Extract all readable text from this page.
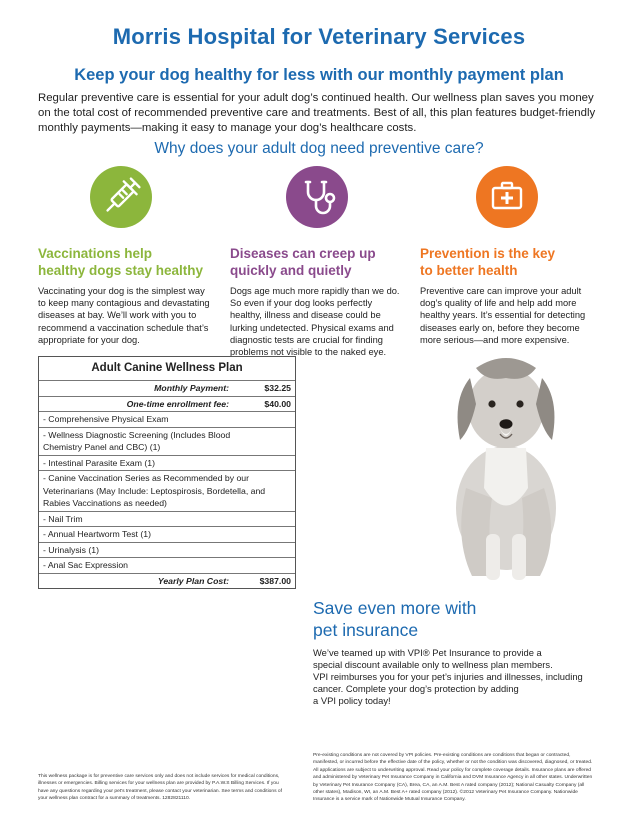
Morris Hospital for Veterinary Services
Keep your dog healthy for less with our monthly payment plan
Regular preventive care is essential for your adult dog’s continued health. Our wellness plan saves you money on the total cost of recommended preventive care and treatments. Best of all, this plan features budget-friendly monthly payments—making it easy to manage your dog’s healthcare costs.
Why does your adult dog need preventive care?
Vaccinations help
healthy dogs stay healthy
Diseases can creep up
quickly and quietly
Prevention is the key
to better health
Vaccinating your dog is the simplest way
to keep many contagious and devastating
diseases at bay. We’ll work with you to
recommend a vaccination schedule that’s
appropriate for your dog.
Dogs age much more rapidly than we do.
So even if your dog looks perfectly
healthy, illness and disease could be
lurking undetected. Physical exams and
diagnostic tests are crucial for finding
problems not visible to the naked eye.
Preventive care can improve your adult
dog’s quality of life and help add more
healthy years. It’s essential for detecting
diseases early on, before they become
more serious—and more expensive.
Adult Canine Wellness Plan
Monthly Payment:	$32.25
One-time enrollment fee:	$40.00
- Comprehensive Physical Exam
- Wellness Diagnostic Screening (Includes Blood
Chemistry Panel and CBC) (1)
- Intestinal Parasite Exam (1)
- Canine Vaccination Series as Recommended by our
Veterinarians (May Include: Leptospirosis, Bordetella, and
Rabies Vaccinations as needed)
- Nail Trim
- Annual Heartworm Test (1)
- Urinalysis (1)
- Anal Sac Expression
Yearly Plan Cost:	$387.00
Save even more with
pet insurance
We’ve teamed up with VPI® Pet Insurance to provide a
special discount available only to wellness plan members.
VPI reimburses you for your pet’s injuries and illnesses, including
cancer. Complete your dog’s protection by adding
a VPI policy today!
This wellness package is for preventive care services only and does not include services for medical conditions,
illnesses or emergencies. Billing services for your wellness plan are provided by P.A.W.S Billing Services. If you
have any questions regarding your pet's treatment, please contact your veterinarian. See terms and conditions of
your wellness plan contract for a summary of treatments. 1282821110.
Pre-existing conditions are not covered by VPI policies. Pre-existing conditions are conditions that began or contracted,
manifested, or incurred before the effective date of the policy, whether or not the condition was discovered, diagnosed, or treated.
All applications are subject to underwriting approval. Read your policy for complete coverage details. Insurance plans are offered
and administered by Veterinary Pet Insurance Company in California and DVM Insurance Agency in all other states. Underwritten
by Veterinary Pet Insurance Company (CA), Brea, CA, an A.M. Best A rated company (2012); National Casualty Company (all
other states), Madison, WI, an A.M. Best A+ rated company (2012). ©2012 Veterinary Pet Insurance Company. Nationwide
Insurance is a service mark of Nationwide Mutual Insurance Company.
